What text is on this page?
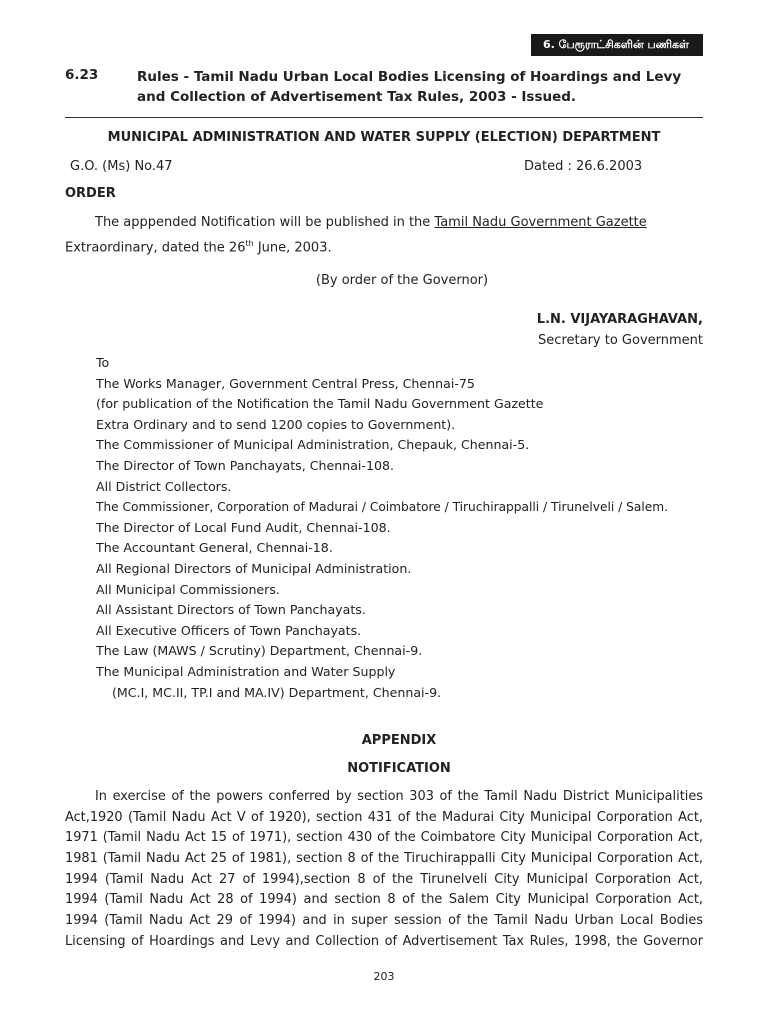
6. பேரூராட்சிகளின் பணிகள்
6.23	Rules - Tamil Nadu Urban Local Bodies Licensing of Hoardings and Levy
and Collection of Advertisement Tax Rules, 2003 - Issued.
MUNICIPAL ADMINISTRATION AND WATER SUPPLY (ELECTION) DEPARTMENT
G.O. (Ms) No.47	Dated : 26.6.2003
ORDER
The apppended Notification will be published in the Tamil Nadu Government Gazette
Extraordinary, dated the 26th June, 2003.
(By order of the Governor)
L.N. VIJAYARAGHAVAN,
Secretary to Government
To
The Works Manager, Government Central Press, Chennai-75
(for publication of the Notification the Tamil Nadu Government Gazette
Extra Ordinary and to send 1200 copies to Government).
The Commissioner of Municipal Administration, Chepauk, Chennai-5.
The Director of Town Panchayats, Chennai-108.
All District Collectors.
The Commissioner, Corporation of Madurai / Coimbatore / Tiruchirappalli / Tirunelveli / Salem.
The Director of Local Fund Audit, Chennai-108.
The Accountant General, Chennai-18.
All Regional Directors of Municipal Administration.
All Municipal Commissioners.
All Assistant Directors of Town Panchayats.
All Executive Officers of Town Panchayats.
The Law (MAWS / Scrutiny) Department, Chennai-9.
The Municipal Administration and Water Supply
(MC.I, MC.II, TP.I and MA.IV) Department, Chennai-9.
APPENDIX
NOTIFICATION
In exercise of the powers conferred by section 303 of the Tamil Nadu District Municipalities
Act,1920 (Tamil Nadu Act V of 1920), section 431 of the Madurai City Municipal Corporation Act,
1971 (Tamil Nadu Act 15 of 1971), section 430 of the Coimbatore City Municipal Corporation Act,
1981 (Tamil Nadu Act 25 of 1981), section 8 of the Tiruchirappalli City Municipal Corporation Act,
1994 (Tamil Nadu Act 27 of 1994),section 8 of the Tirunelveli City Municipal Corporation Act,
1994 (Tamil Nadu Act 28 of 1994) and section 8 of the Salem City Municipal Corporation Act,
1994 (Tamil Nadu Act 29 of 1994) and in super session of the Tamil Nadu Urban Local Bodies
Licensing of Hoardings and Levy and Collection of Advertisement Tax Rules, 1998, the Governor
203
